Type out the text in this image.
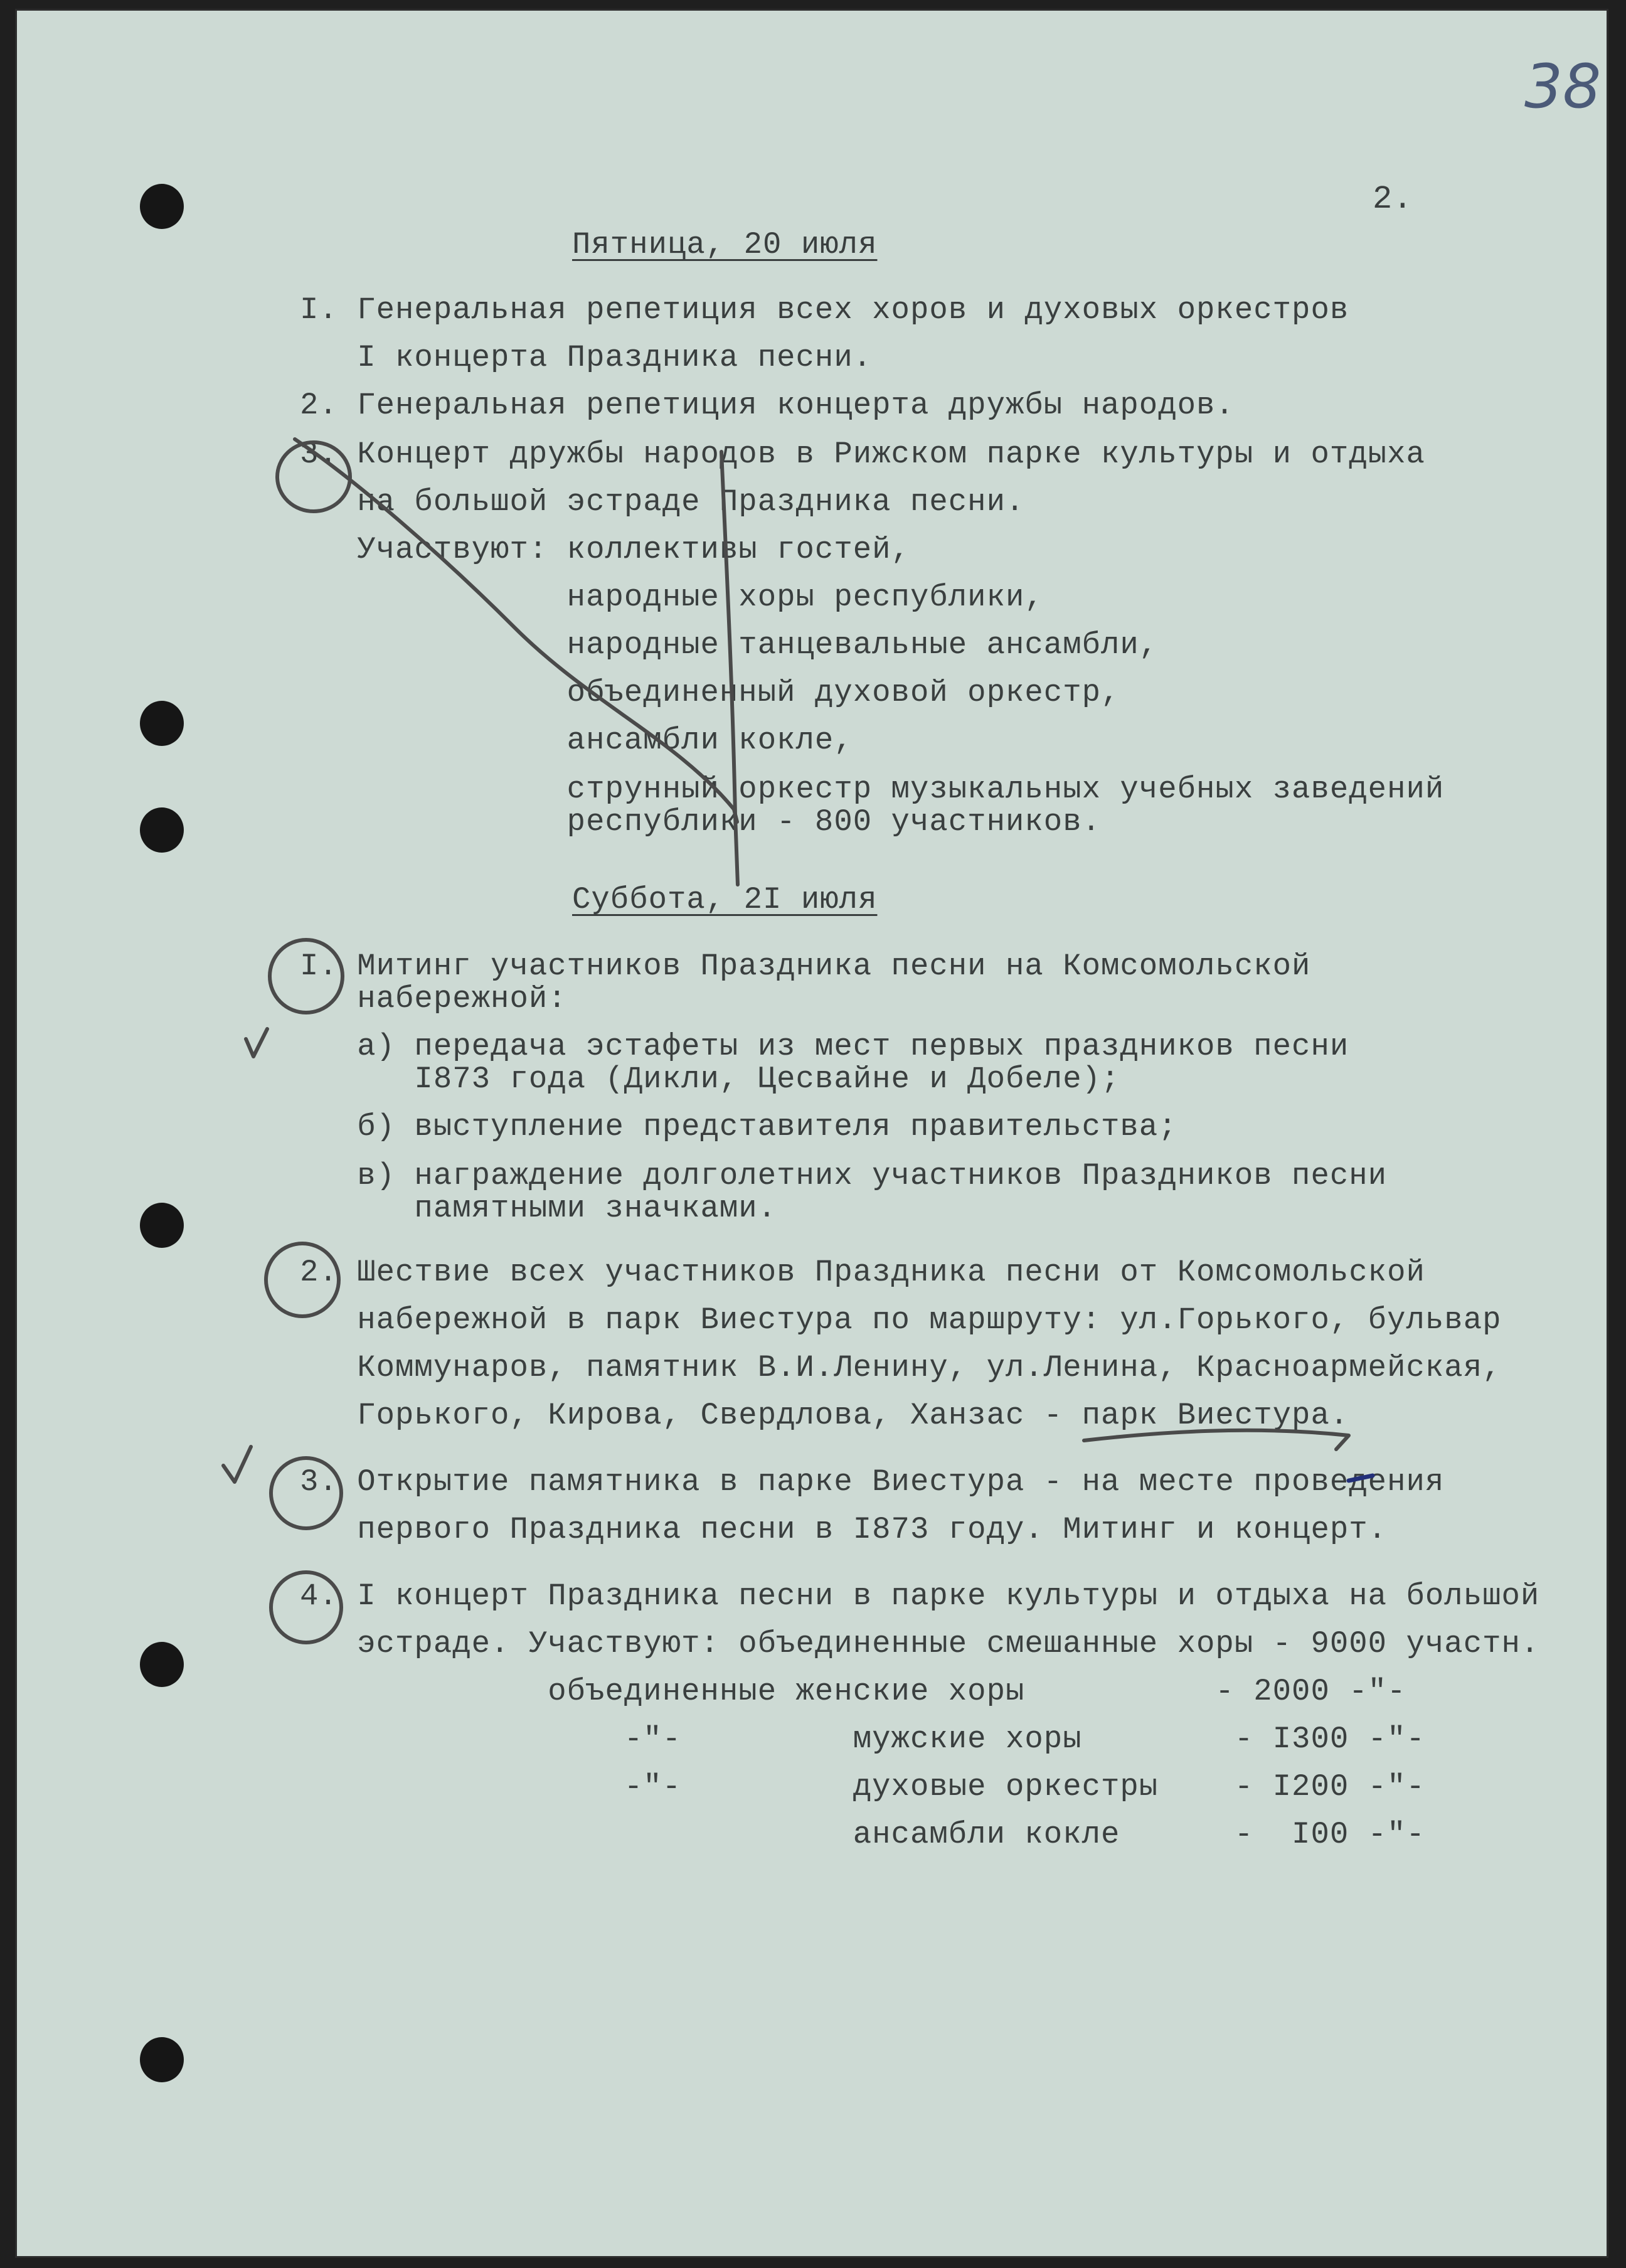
38
2.
Пятница, 20 июля
I. Генеральная репетиция всех хоров и духовых оркестров
I концерта Праздника песни.
2. Генеральная репетиция концерта дружбы народов.
3. Концерт дружбы народов в Рижском парке культуры и отдыха
на большой эстраде Праздника песни.
Участвуют: коллективы гостей,
народные хоры республики,
народные танцевальные ансамбли,
объединенный духовой оркестр,
ансамбли кокле,
струнный оркестр музыкальных учебных заведений
республики - 800 участников.
Суббота, 2I июля
I. Митинг участников Праздника песни на Комсомольской
набережной:
а) передача эстафеты из мест первых праздников песни
I873 года (Дикли, Цесвайне и Добеле);
б) выступление представителя правительства;
в) награждение долголетних участников Праздников песни
памятными значками.
2. Шествие всех участников Праздника песни от Комсомольской
набережной в парк Виестура по маршруту: ул.Горького, бульвар
Коммунаров, памятник В.И.Ленину, ул.Ленина, Красноармейская,
Горького, Кирова, Свердлова, Ханзас - парк Виестура.
3. Открытие памятника в парке Виестура - на месте проведения
первого Праздника песни в I873 году. Митинг и концерт.
4. I концерт Праздника песни в парке культуры и отдыха на большой
эстраде. Участвуют: объединенные смешанные хоры - 9000 участн.
объединенные женские хоры          - 2000 -"-
-"-         мужские хоры        - I300 -"-
-"-         духовые оркестры    - I200 -"-
ансамбли кокле      -  I00 -"-
